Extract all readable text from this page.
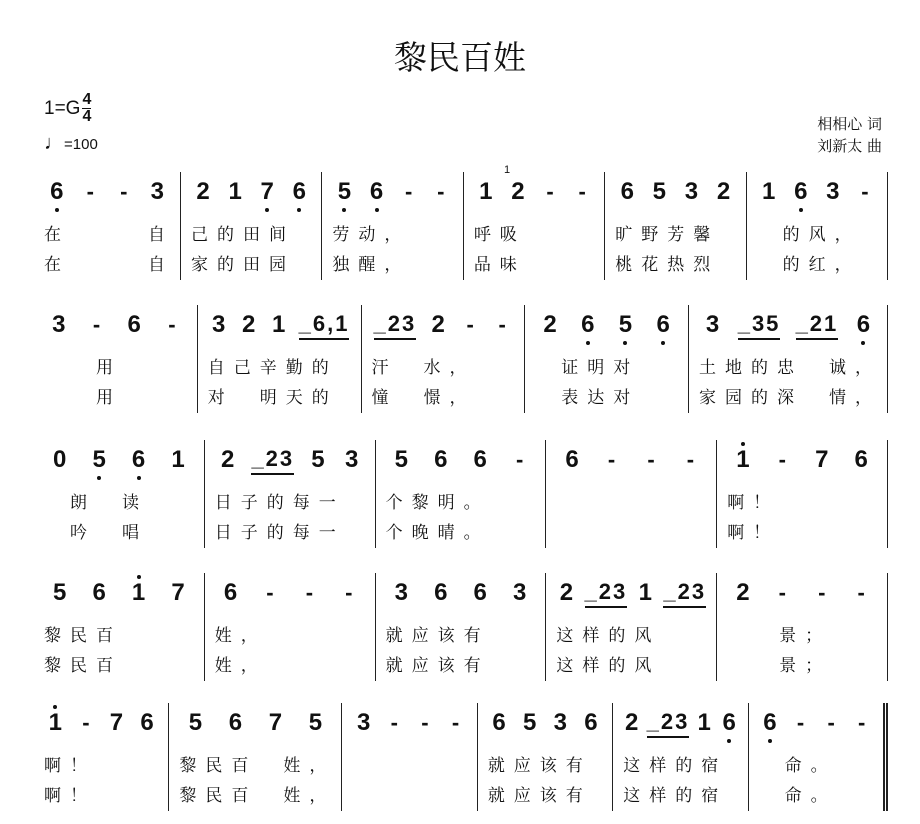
黎民百姓
$1=G \frac{4}{4}$
♩=100
相相心 词
刘新太 曲
6 - - 3
在　　　自
在　　　自
2 1 7 6
己的田间
家的田园
5 6 - -
劳动，
独醒，
1 2
1
- -
呼吸
品味
6 5 3 2
旷野芳馨
桃花热烈
1 6 3 -
　的风，
　的红，
3 - 6 -
　　用
　　用
3 2 1 _6,1
自己辛勤的
对　明天的
_23 2 - -
汗　水，
憧　憬，
2 6 5 6
　证明对
　表达对
3 _35 _21 6
土地的忠　诚，
家园的深　情，
0 5 6 1
　朗　读
　吟　唱
2 _23 5 3
日子的每一
日子的每一
5 6 6 -
个黎明。
个晚晴。
6 - - - 1 - 7 6
啊！
啊！
5 6 1 7
黎民百
黎民百
6 - - -
姓，
姓，
3 6 6 3
就应该有
就应该有
2 _23 1 _23
这样的风
这样的风
2 - - -
　　景；
　　景；
1 - 7 6
啊！
啊！
5 6 7 5
黎民百　姓，
黎民百　姓，
3 - - - 6 5 3 6
就应该有
就应该有
2 _23 1 6
这样的宿
这样的宿
6 - - -
　命。
　命。
